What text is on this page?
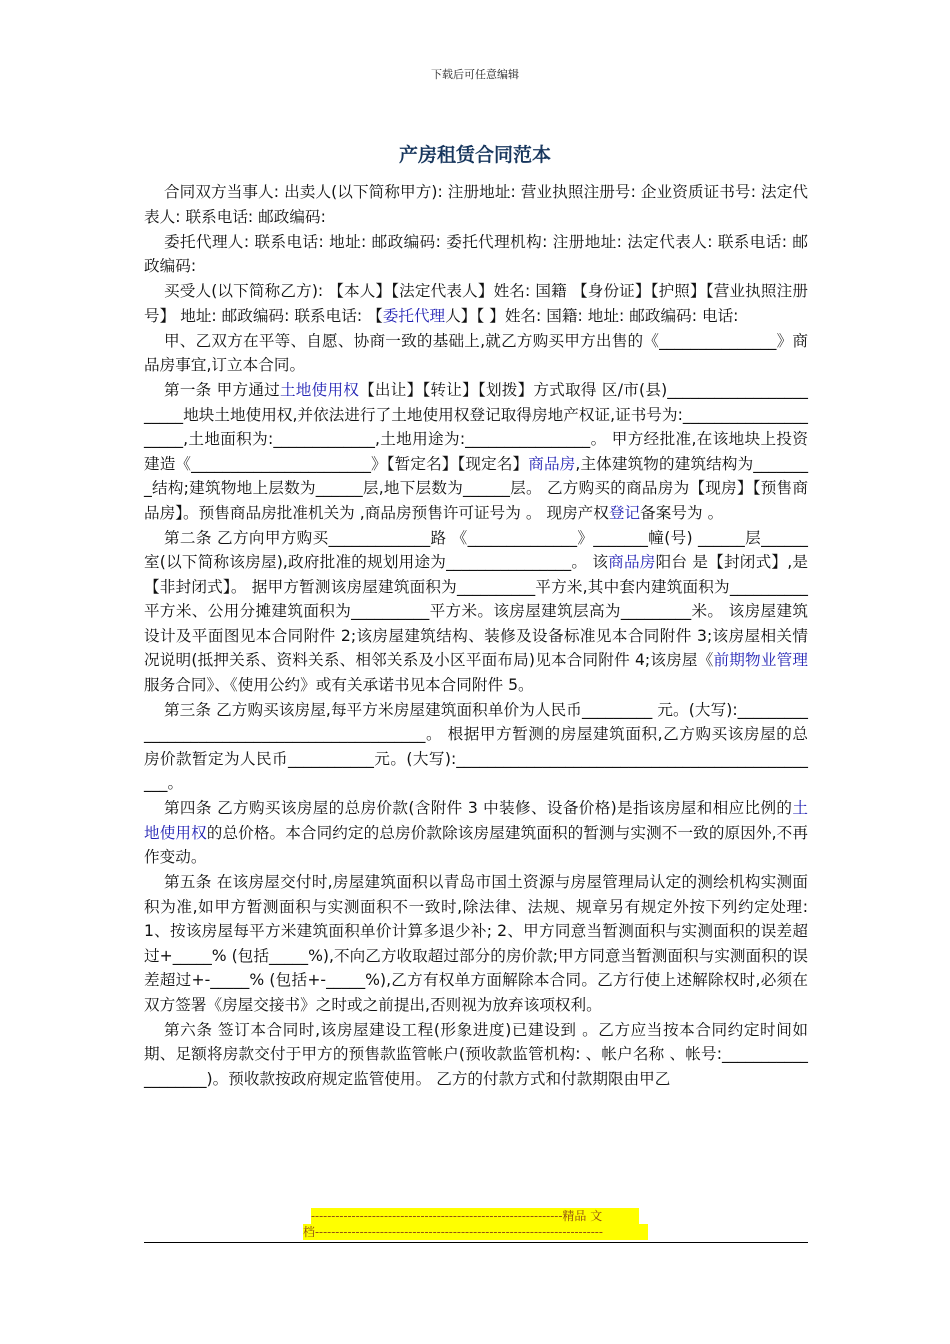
下载后可任意编辑
产房租赁合同范本

合同双方当事人: 出卖人(以下简称甲方): 注册地址: 营业执照注册号: 企业资质证书号: 法定代表人: 联系电话: 邮政编码:

委托代理人: 联系电话: 地址: 邮政编码: 委托代理机构: 注册地址: 法定代表人: 联系电话: 邮政编码:

买受人(以下简称乙方): 【本人】【法定代表人】姓名: 国籍 【身份证】【护照】【营业执照注册号】 地址: 邮政编码: 联系电话: 【委托代理人】【 】姓名: 国籍: 地址: 邮政编码: 电话:

甲、乙双方在平等、自愿、协商一致的基础上,就乙方购买甲方出售的《_______________》商品房事宜,订立本合同。

第一条 甲方通过土地使用权【出让】【转让】【划拨】方式取得 区/市(县)_______________________地块土地使用权,并依法进行了土地使用权登记取得房地产权证,证书号为:_____________________,土地面积为:_____________,土地用途为:________________。 甲方经批准,在该地块上投资建造《_______________________》【暂定名】【现定名】商品房,主体建筑物的建筑结构为________结构;建筑物地上层数为______层,地下层数为______层。 乙方购买的商品房为【现房】【预售商品房】。预售商品房批准机关为 ,商品房预售许可证号为 。 现房产权登记备案号为 。

第二条 乙方向甲方购买_____________路 《______________》_______幢(号) ______层______室(以下简称该房屋),政府批准的规划用途为________________。 该商品房阳台 是【封闭式】,是【非封闭式】。 据甲方暂测该房屋建筑面积为__________平方米,其中套内建筑面积为__________平方米、公用分摊建筑面积为__________平方米。该房屋建筑层高为_________米。 该房屋建筑设计及平面图见本合同附件 2;该房屋建筑结构、装修及设备标准见本合同附件 3;该房屋相关情况说明(抵押关系、资料关系、相邻关系及小区平面布局)见本合同附件 4;该房屋《前期物业管理服务合同》、《使用公约》或有关承诺书见本合同附件 5。

第三条 乙方购买该房屋,每平方米房屋建筑面积单价为人民币_________ 元。(大写):_____________________________________________。 根据甲方暂测的房屋建筑面积,乙方购买该房屋的总房价款暂定为人民币___________元。(大写):________________________________________________。

第四条 乙方购买该房屋的总房价款(含附件 3 中装修、设备价格)是指该房屋和相应比例的土地使用权的总价格。本合同约定的总房价款除该房屋建筑面积的暂测与实测不一致的原因外,不再作变动。

第五条 在该房屋交付时,房屋建筑面积以青岛市国土资源与房屋管理局认定的测绘机构实测面积为准,如甲方暂测面积与实测面积不一致时,除法律、法规、规章另有规定外按下列约定处理: 1、按该房屋每平方米建筑面积单价计算多退少补; 2、甲方同意当暂测面积与实测面积的误差超过+_____% (包括_____%),不向乙方收取超过部分的房价款;甲方同意当暂测面积与实测面积的误差超过+-_____% (包括+-_____%),乙方有权单方面解除本合同。乙方行使上述解除权时,必须在双方签署《房屋交接书》之时或之前提出,否则视为放弃该项权利。

第六条 签订本合同时,该房屋建设工程(形象进度)已建设到 。乙方应当按本合同约定时间如期、足额将房款交付于甲方的预售款监管帐户(预收款监管机构: 、帐户名称 、帐号:___________________)。预收款按政府规定监管使用。 乙方的付款方式和付款期限由甲乙

--------------------------------------------------------------精品 文
档-----------------------------------------------------------------------
